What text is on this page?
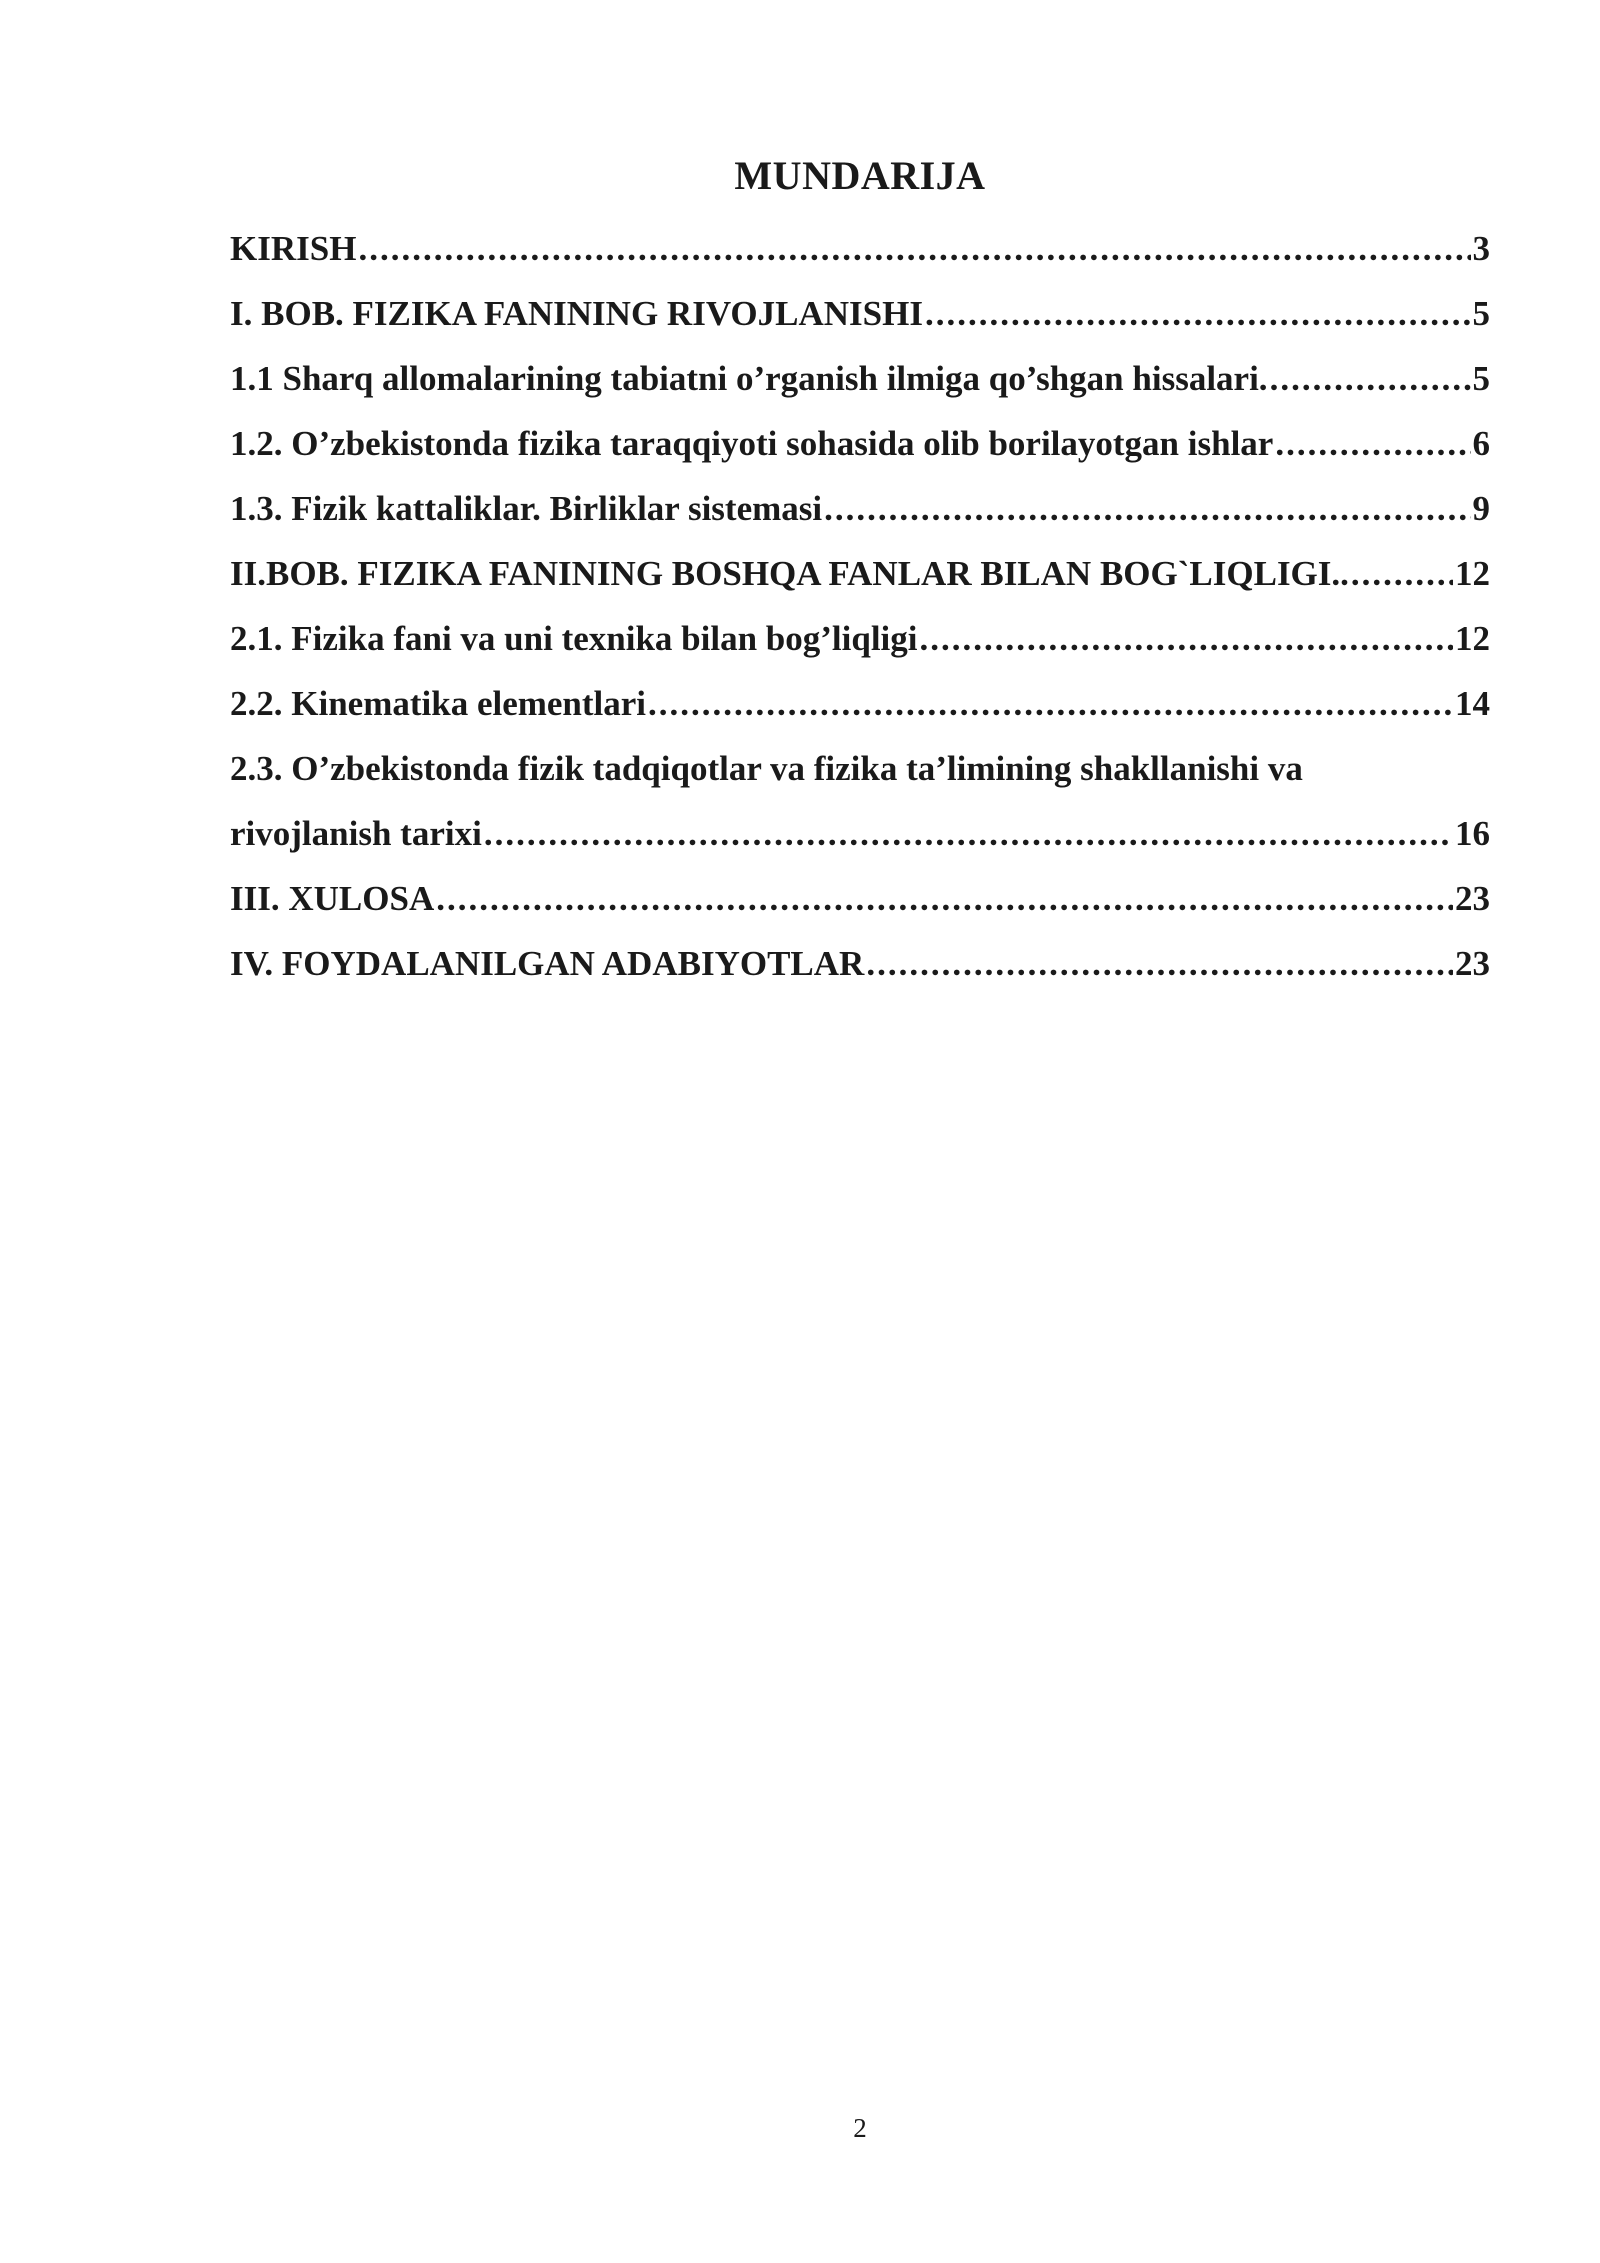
MUNDARIJA
KIRISH .....	3
I. BOB. FIZIKA FANINING RIVOJLANISHI .....	5
1.1 Sharq allomalarining tabiatni o’rganish ilmiga qo’shgan hissalari. .....	5
1.2. O’zbekistonda fizika taraqqiyoti sohasida olib borilayotgan ishlar .....	6
1.3. Fizik kattaliklar. Birliklar sistemasi .....	9
II.BOB. FIZIKA FANINING BOSHQA FANLAR BILAN BOG`LIQLIGI.. .....	12
2.1. Fizika fani va uni texnika bilan bog’liqligi .....	12
2.2. Kinematika elementlari .....	14
2.3. O’zbekistonda fizik tadqiqotlar va fizika ta’limining shakllanishi va
rivojlanish tarixi .....	16
III. XULOSA .....	23
IV. FOYDALANILGAN ADABIYOTLAR .....	23
2
